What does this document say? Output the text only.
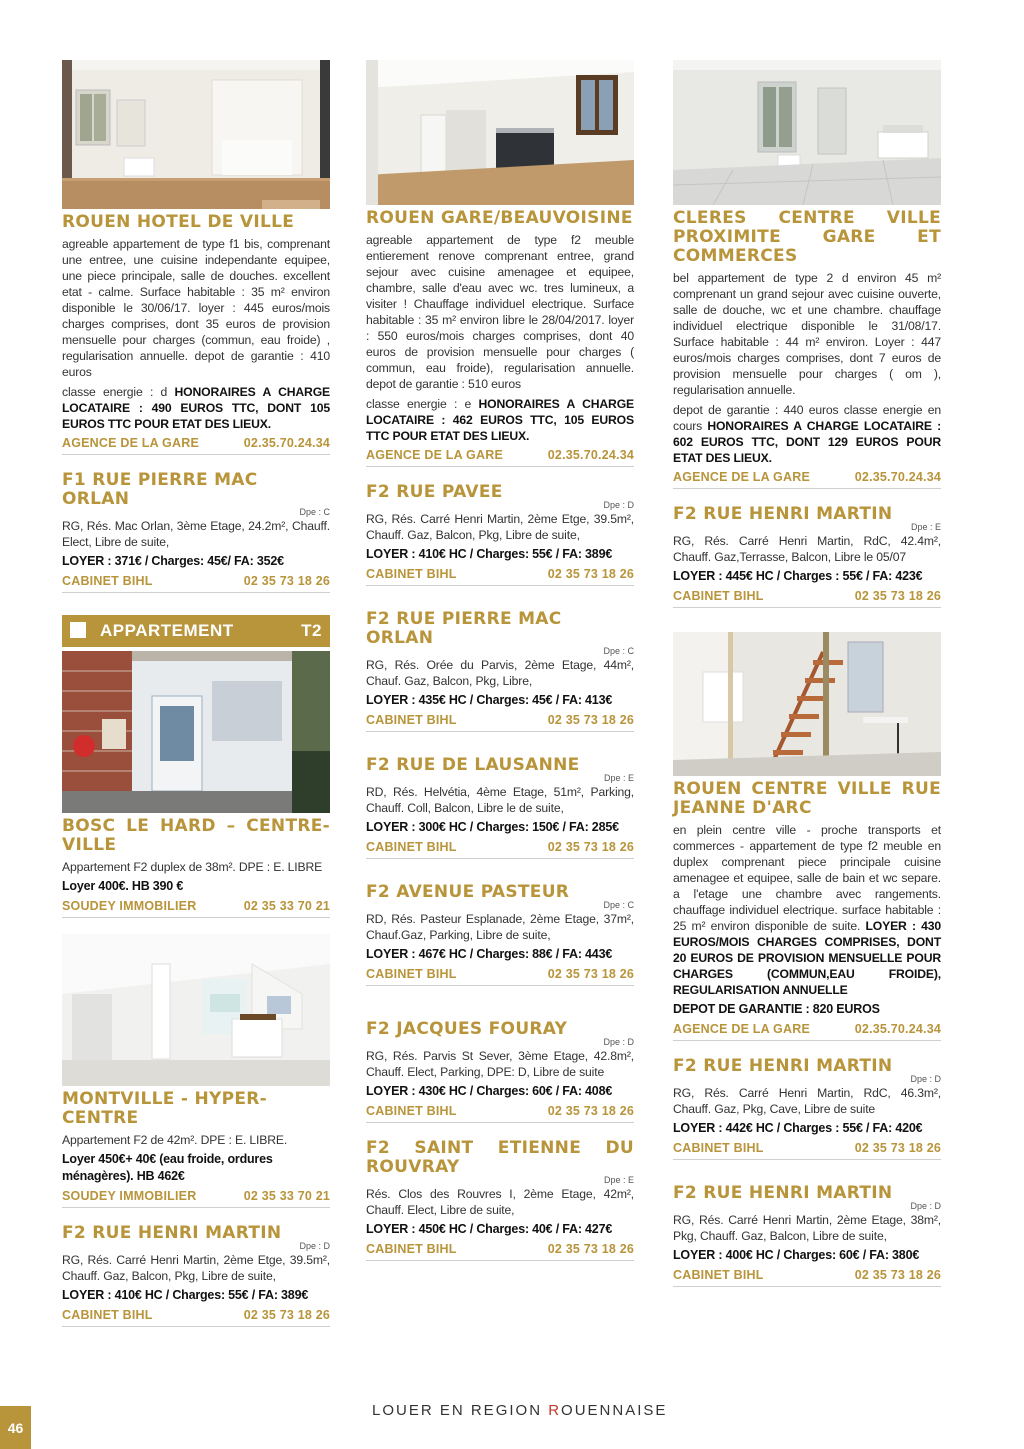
ROUEN HOTEL DE VILLE

agreable appartement de type f1 bis, comprenant une entree, une cuisine independante equipee, une piece principale, salle de douches. excellent etat - calme. Surface habitable : 35 m² environ disponible le 30/06/17. loyer : 445 euros/mois charges comprises, dont 35 euros de provision mensuelle pour charges (commun, eau froide) , regularisation annuelle. depot de garantie : 410 euros

classe energie : d HONORAIRES A CHARGE LOCATAIRE : 490 EUROS TTC, DONT 105 EUROS TTC POUR ETAT DES LIEUX.

AGENCE DE LA GARE	02.35.70.24.34
F1 RUE PIERRE MAC ORLAN
Dpe : C

RG, Rés. Mac Orlan, 3ème Etage, 24.2m², Chauff. Elect, Libre de suite,

LOYER : 371€ / Charges: 45€/ FA: 352€
CABINET BIHL	02 35 73 18 26
APPARTEMENT	T2
BOSC LE HARD – CENTRE-VILLE

Appartement F2 duplex de 38m². DPE : E. LIBRE

Loyer 400€. HB 390 €
SOUDEY IMMOBILIER	02 35 33 70 21
MONTVILLE - HYPER-CENTRE

Appartement F2 de 42m². DPE : E. LIBRE.

Loyer 450€+ 40€ (eau froide, ordures ménagères). HB 462€
SOUDEY IMMOBILIER	02 35 33 70 21
F2 RUE HENRI MARTIN
Dpe : D

RG, Rés. Carré Henri Martin, 2ème Etge, 39.5m², Chauff. Gaz, Balcon, Pkg, Libre de suite,

LOYER : 410€ HC / Charges: 55€ / FA: 389€
CABINET BIHL	02 35 73 18 26
ROUEN GARE/BEAUVOISINE

agreable appartement de type f2 meuble entierement renove comprenant entree, grand sejour avec cuisine amenagee et equipee, chambre, salle d'eau avec wc. tres lumineux, a visiter ! Chauffage individuel electrique. Surface habitable : 35 m² environ libre le 28/04/2017. loyer : 550 euros/mois charges comprises, dont 40 euros de provision mensuelle pour charges ( commun, eau froide), regularisation annuelle. depot de garantie : 510 euros

classe energie : e HONORAIRES A CHARGE LOCATAIRE : 462 EUROS TTC, 105 EUROS TTC POUR ETAT DES LIEUX.

AGENCE DE LA GARE	02.35.70.24.34
F2 RUE PAVEE
Dpe : D

RG, Rés. Carré Henri Martin, 2ème Etge, 39.5m², Chauff. Gaz, Balcon, Pkg, Libre de suite,

LOYER : 410€ HC / Charges: 55€ / FA: 389€
CABINET BIHL	02 35 73 18 26
F2 RUE PIERRE MAC ORLAN
Dpe : C

RG, Rés. Orée du Parvis, 2ème Etage, 44m², Chauf. Gaz, Balcon, Pkg, Libre,

LOYER : 435€ HC / Charges: 45€ / FA: 413€
CABINET BIHL	02 35 73 18 26
F2 RUE DE LAUSANNE
Dpe : E

RD, Rés. Helvétia, 4ème Etage, 51m², Parking, Chauff. Coll, Balcon, Libre le de suite,

LOYER : 300€ HC / Charges: 150€ / FA: 285€
CABINET BIHL	02 35 73 18 26
F2 AVENUE PASTEUR
Dpe : C

RD, Rés. Pasteur Esplanade, 2ème Etage, 37m², Chauf.Gaz, Parking, Libre de suite,

LOYER : 467€ HC / Charges: 88€ / FA: 443€
CABINET BIHL	02 35 73 18 26
F2 JACQUES FOURAY
Dpe : D

RG, Rés. Parvis St Sever, 3ème Etage, 42.8m², Chauff. Elect, Parking, DPE: D, Libre de suite

LOYER : 430€ HC / Charges: 60€ / FA: 408€
CABINET BIHL	02 35 73 18 26
F2 SAINT ETIENNE DU ROUVRAY
Dpe : E

Rés. Clos des Rouvres I, 2ème Etage, 42m², Chauff. Elect, Libre de suite,

LOYER : 450€ HC / Charges: 40€ / FA: 427€
CABINET BIHL	02 35 73 18 26
CLERES CENTRE VILLE PROXIMITE GARE ET COMMERCES

bel appartement de type 2 d environ 45 m² comprenant un grand sejour avec cuisine ouverte, salle de douche, wc et une chambre. chauffage individuel electrique disponible le 31/08/17. Surface habitable : 44 m² environ. Loyer : 447 euros/mois charges comprises, dont 7 euros de provision mensuelle pour charges ( om ), regularisation annuelle.

depot de garantie : 440 euros classe energie en cours HONORAIRES A CHARGE LOCATAIRE : 602 EUROS TTC, DONT 129 EUROS POUR ETAT DES LIEUX.

AGENCE DE LA GARE	02.35.70.24.34
F2 RUE HENRI MARTIN
Dpe : E

RG, Rés. Carré Henri Martin, RdC, 42.4m², Chauff. Gaz,Terrasse, Balcon, Libre le 05/07

LOYER : 445€ HC / Charges : 55€ / FA: 423€
CABINET BIHL	02 35 73 18 26
ROUEN CENTRE VILLE RUE JEANNE D'ARC

en plein centre ville - proche transports et commerces - appartement de type f2 meuble en duplex comprenant piece principale cuisine amenagee et equipee, salle de bain et wc separe. a l'etage une chambre avec rangements. chauffage individuel electrique. surface habitable : 25 m² environ disponible de suite. LOYER : 430 EUROS/MOIS CHARGES COMPRISES, DONT 20 EUROS DE PROVISION MENSUELLE POUR CHARGES (COMMUN,EAU FROIDE), REGULARISATION ANNUELLE

DEPOT DE GARANTIE : 820 EUROS
AGENCE DE LA GARE	02.35.70.24.34
F2 RUE HENRI MARTIN
Dpe : D

RG, Rés. Carré Henri Martin, RdC, 46.3m², Chauff. Gaz, Pkg, Cave, Libre de suite

LOYER : 442€ HC / Charges : 55€ / FA: 420€
CABINET BIHL	02 35 73 18 26
F2 RUE HENRI MARTIN
Dpe : D

RG, Rés. Carré Henri Martin, 2ème Etage, 38m², Pkg, Chauff. Gaz, Balcon, Libre de suite,

LOYER : 400€ HC / Charges: 60€ / FA: 380€
CABINET BIHL	02 35 73 18 26
46
LOUER EN REGION ROUENNAISE
